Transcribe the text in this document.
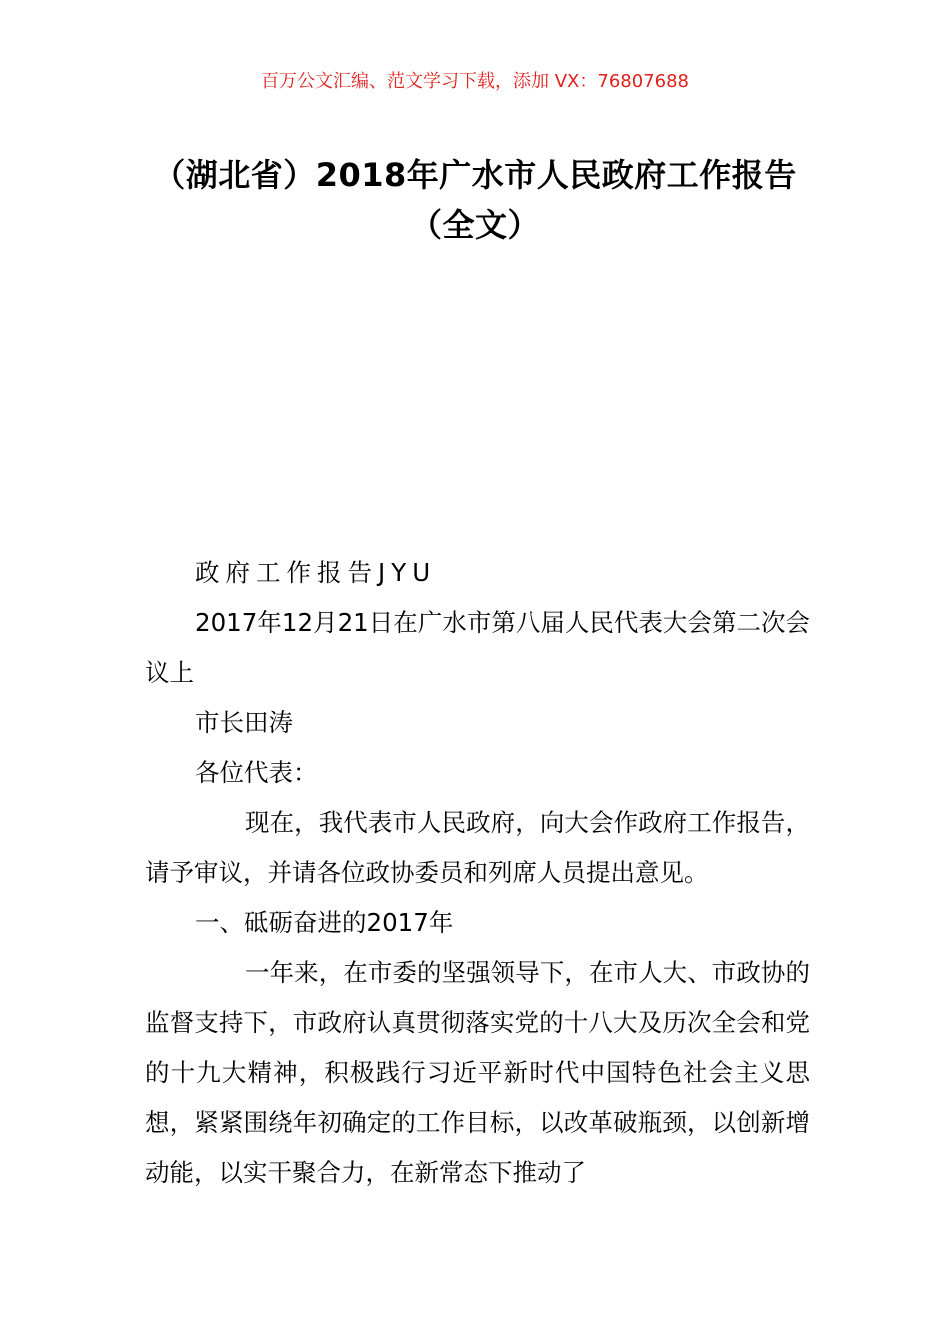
百万公文汇编、范文学习下载，添加 VX：76807688
（湖北省）2018年广水市人民政府工作报告（全文）

政府工作报告JYU

2017年12月21日在广水市第八届人民代表大会第二次会议上

市长田涛

各位代表：

现在，我代表市人民政府，向大会作政府工作报告，请予审议，并请各位政协委员和列席人员提出意见。

一、砥砺奋进的2017年

一年来，在市委的坚强领导下，在市人大、市政协的监督支持下，市政府认真贯彻落实党的十八大及历次全会和党的十九大精神，积极践行习近平新时代中国特色社会主义思想，紧紧围绕年初确定的工作目标，以改革破瓶颈，以创新增动能，以实干聚合力，在新常态下推动了
